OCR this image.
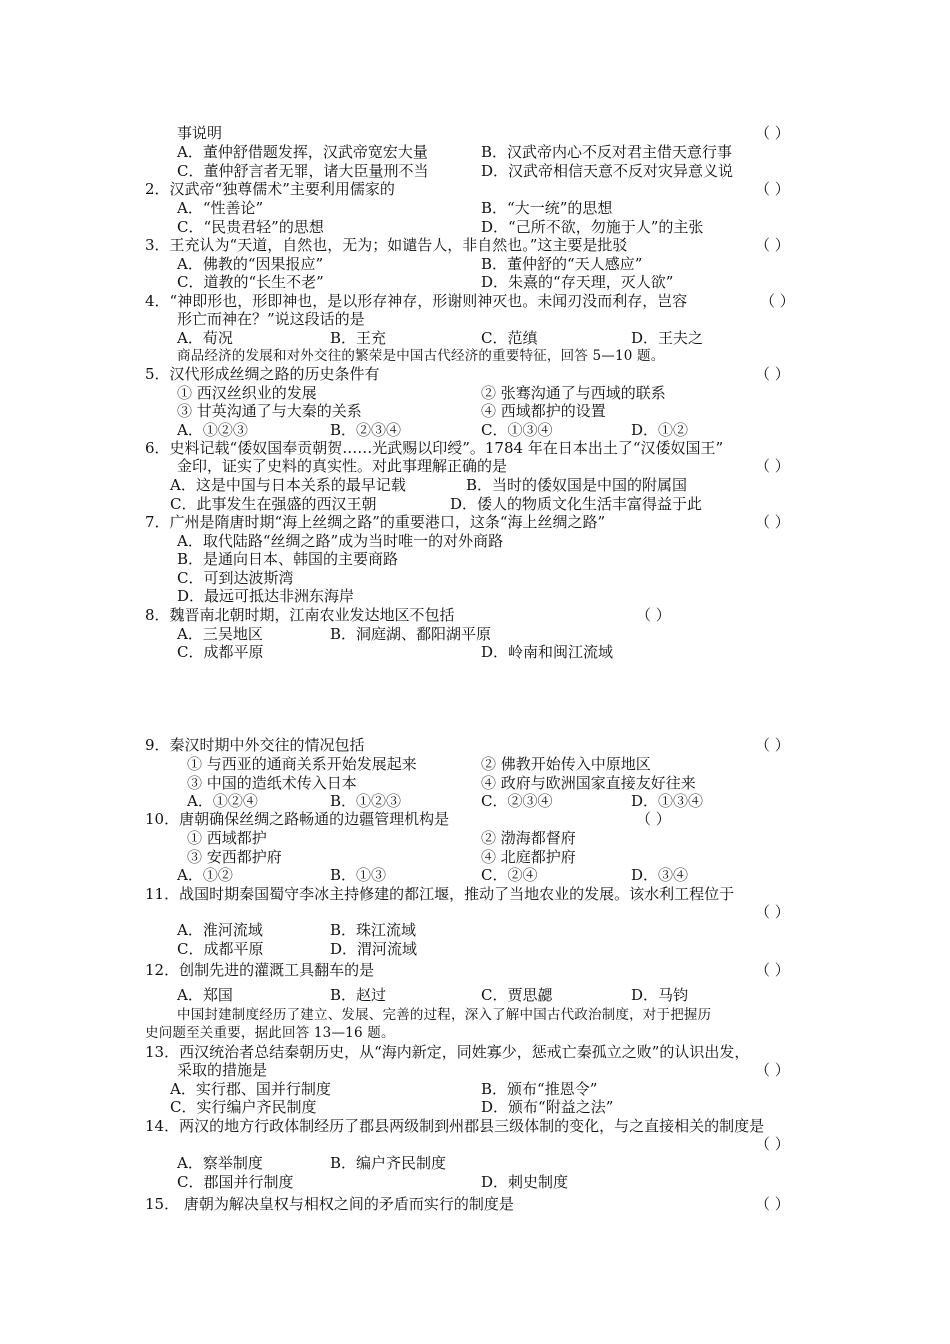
事说明	（ ）
A．董仲舒借题发挥，汉武帝宽宏大量	B．汉武帝内心不反对君主借天意行事
C．董仲舒言者无罪，诸大臣量刑不当	D．汉武帝相信天意不反对灾异意义说
2．汉武帝“独尊儒术”主要利用儒家的	（ ）
A．“性善论”	B．“大一统”的思想
C．“民贵君轻”的思想	D．“己所不欲，勿施于人”的主张
3．王充认为“天道，自然也，无为；如谴告人，非自然也。”这主要是批驳	（ ）
A．佛教的“因果报应”	B．董仲舒的“天人感应”
C．道教的“长生不老”	D．朱熹的“存天理，灭人欲”
4．“神即形也，形即神也，是以形存神存，形谢则神灭也。未闻刃没而利存，岂容	（ ）
形亡而神在？”说这段话的是
A．荀况	B．王充	C．范缜	D．王夫之
商品经济的发展和对外交往的繁荣是中国古代经济的重要特征，回答 5—10 题。
5．汉代形成丝绸之路的历史条件有	（ ）
① 西汉丝织业的发展	② 张骞沟通了与西域的联系
③ 甘英沟通了与大秦的关系	④ 西域都护的设置
A．①②③	B．②③④	C．①③④	D．①②
6．史料记载“倭奴国奉贡朝贺……光武赐以印绶”。1784 年在日本出土了“汉倭奴国王”
金印，证实了史料的真实性。对此事理解正确的是	（ ）
A．这是中国与日本关系的最早记载	B．当时的倭奴国是中国的附属国
C．此事发生在强盛的西汉王朝	D．倭人的物质文化生活丰富得益于此
7．广州是隋唐时期“海上丝绸之路”的重要港口，这条“海上丝绸之路”	（ ）
A．取代陆路“丝绸之路”成为当时唯一的对外商路
B．是通向日本、韩国的主要商路
C．可到达波斯湾
D．最远可抵达非洲东海岸
8．魏晋南北朝时期，江南农业发达地区不包括	（ ）
A．三吴地区	B．洞庭湖、鄱阳湖平原
C．成都平原	D．岭南和闽江流域
9．秦汉时期中外交往的情况包括	（ ）
① 与西亚的通商关系开始发展起来	② 佛教开始传入中原地区
③ 中国的造纸术传入日本	④ 政府与欧洲国家直接友好往来
A．①②④	B．①②③	C．②③④	D．①③④
10．唐朝确保丝绸之路畅通的边疆管理机构是	（ ）
① 西域都护	② 渤海都督府
③ 安西都护府	④ 北庭都护府
A．①②	B．①③	C．②④	D．③④
11．战国时期秦国蜀守李冰主持修建的都江堰，推动了当地农业的发展。该水利工程位于
（ ）
A．淮河流域	B．珠江流域
C．成都平原	D．渭河流域
12．创制先进的灌溉工具翻车的是	（ ）
A．郑国	B．赵过	C．贾思勰	D．马钧
中国封建制度经历了建立、发展、完善的过程，深入了解中国古代政治制度，对于把握历
史问题至关重要，据此回答 13—16 题。
13．西汉统治者总结秦朝历史，从“海内新定，同姓寡少，惩戒亡秦孤立之败”的认识出发，
采取的措施是	（ ）
A．实行郡、国并行制度	B．颁布“推恩令”
C．实行编户齐民制度	D．颁布“附益之法”
14．两汉的地方行政体制经历了郡县两级制到州郡县三级体制的变化，与之直接相关的制度是
（ ）
A．察举制度	B．编户齐民制度
C．郡国并行制度	D．刺史制度
15． 唐朝为解决皇权与相权之间的矛盾而实行的制度是	（ ）
